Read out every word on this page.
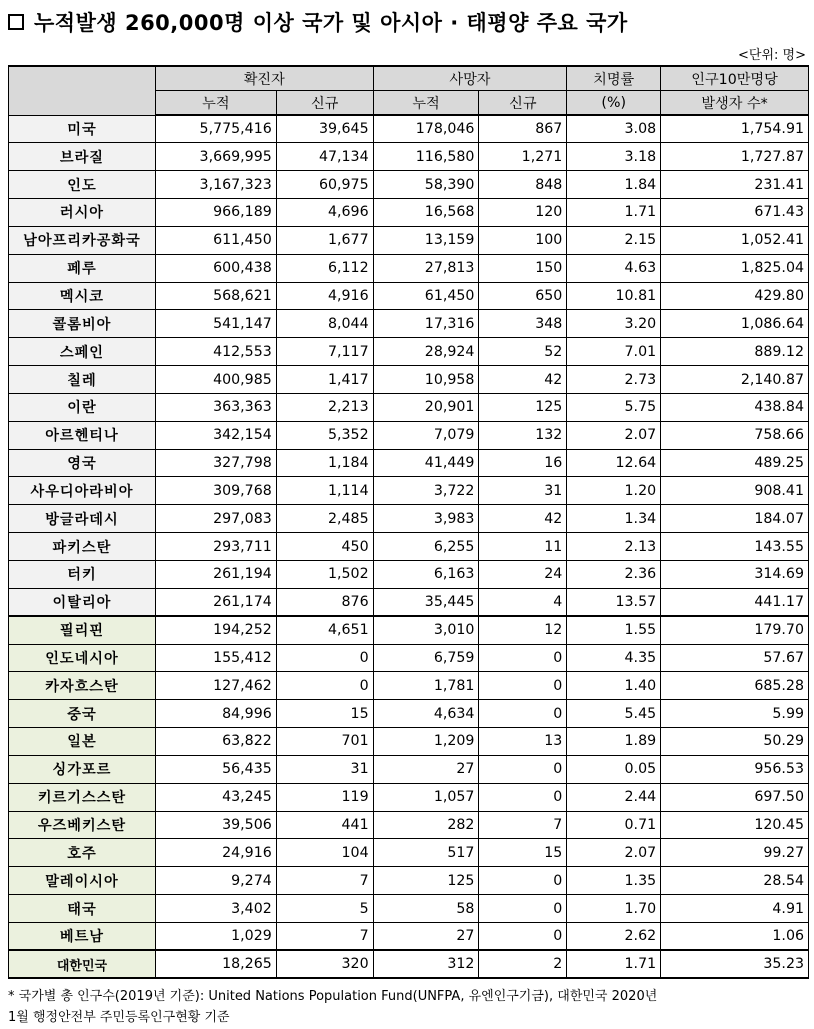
누적발생 260,000명 이상 국가 및 아시아 · 태평양 주요 국가
<단위: 명>
	확진자		사망자		치명률	인구10만명당
	누적	신규	누적	신규	(%)	발생자 수*
미국	5,775,416	39,645	178,046	867	3.08	1,754.91
브라질	3,669,995	47,134	116,580	1,271	3.18	1,727.87
인도	3,167,323	60,975	58,390	848	1.84	231.41
러시아	966,189	4,696	16,568	120	1.71	671.43
남아프리카공화국	611,450	1,677	13,159	100	2.15	1,052.41
페루	600,438	6,112	27,813	150	4.63	1,825.04
멕시코	568,621	4,916	61,450	650	10.81	429.80
콜롬비아	541,147	8,044	17,316	348	3.20	1,086.64
스페인	412,553	7,117	28,924	52	7.01	889.12
칠레	400,985	1,417	10,958	42	2.73	2,140.87
이란	363,363	2,213	20,901	125	5.75	438.84
아르헨티나	342,154	5,352	7,079	132	2.07	758.66
영국	327,798	1,184	41,449	16	12.64	489.25
사우디아라비아	309,768	1,114	3,722	31	1.20	908.41
방글라데시	297,083	2,485	3,983	42	1.34	184.07
파키스탄	293,711	450	6,255	11	2.13	143.55
터키	261,194	1,502	6,163	24	2.36	314.69
이탈리아	261,174	876	35,445	4	13.57	441.17
필리핀	194,252	4,651	3,010	12	1.55	179.70
인도네시아	155,412	0	6,759	0	4.35	57.67
카자흐스탄	127,462	0	1,781	0	1.40	685.28
중국	84,996	15	4,634	0	5.45	5.99
일본	63,822	701	1,209	13	1.89	50.29
싱가포르	56,435	31	27	0	0.05	956.53
키르기스스탄	43,245	119	1,057	0	2.44	697.50
우즈베키스탄	39,506	441	282	7	0.71	120.45
호주	24,916	104	517	15	2.07	99.27
말레이시아	9,274	7	125	0	1.35	28.54
태국	3,402	5	58	0	1.70	4.91
베트남	1,029	7	27	0	2.62	1.06
대한민국	18,265	320	312	2	1.71	35.23
* 국가별 총 인구수(2019년 기준): United Nations Population Fund(UNFPA, 유엔인구기금), 대한민국 2020년
1월 행정안전부 주민등록인구현황 기준
